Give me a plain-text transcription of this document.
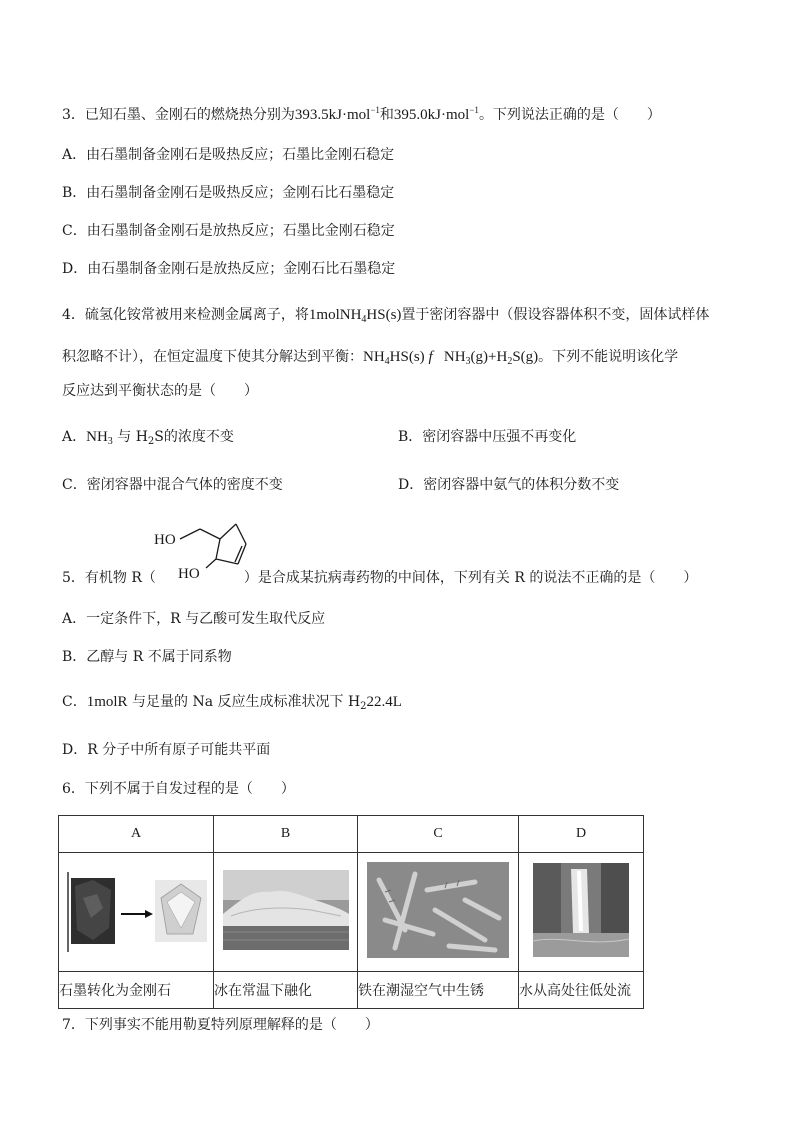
3．已知石墨、金刚石的燃烧热分别为393.5kJ·mol$^{-1}$和395.0kJ·mol$^{-1}$。下列说法正确的是（　　）
A．由石墨制备金刚石是吸热反应；石墨比金刚石稳定
B．由石墨制备金刚石是吸热反应；金刚石比石墨稳定
C．由石墨制备金刚石是放热反应；石墨比金刚石稳定
D．由石墨制备金刚石是放热反应；金刚石比石墨稳定
4．硫氢化铵常被用来检测金属离子，将1molNH$_4$HS(s)置于密闭容器中（假设容器体积不变，固体试样体
积忽略不计），在恒定温度下使其分解达到平衡：$NH_4HS(s)$ f $NH_3(g)+H_2S(g)$。下列不能说明该化学
反应达到平衡状态的是（　　）
A．$NH_3$ 与 $H_2S$的浓度不变	B．密闭容器中压强不再变化
C．密闭容器中混合气体的密度不变	D．密闭容器中氨气的体积分数不变
HO
HO
5．有机物 R（	）是合成某抗病毒药物的中间体，下列有关 R 的说法不正确的是（　　）
A．一定条件下，R 与乙酸可发生取代反应
B．乙醇与 R 不属于同系物
C．1molR 与足量的 Na 反应生成标准状况下 $H_222.4L$
D．R 分子中所有原子可能共平面
6．下列不属于自发过程的是（　　）
A	B	C	D

石墨转化为金刚石	冰在常温下融化	铁在潮湿空气中生锈	水从高处往低处流
7．下列事实不能用勒夏特列原理解释的是（　　）
